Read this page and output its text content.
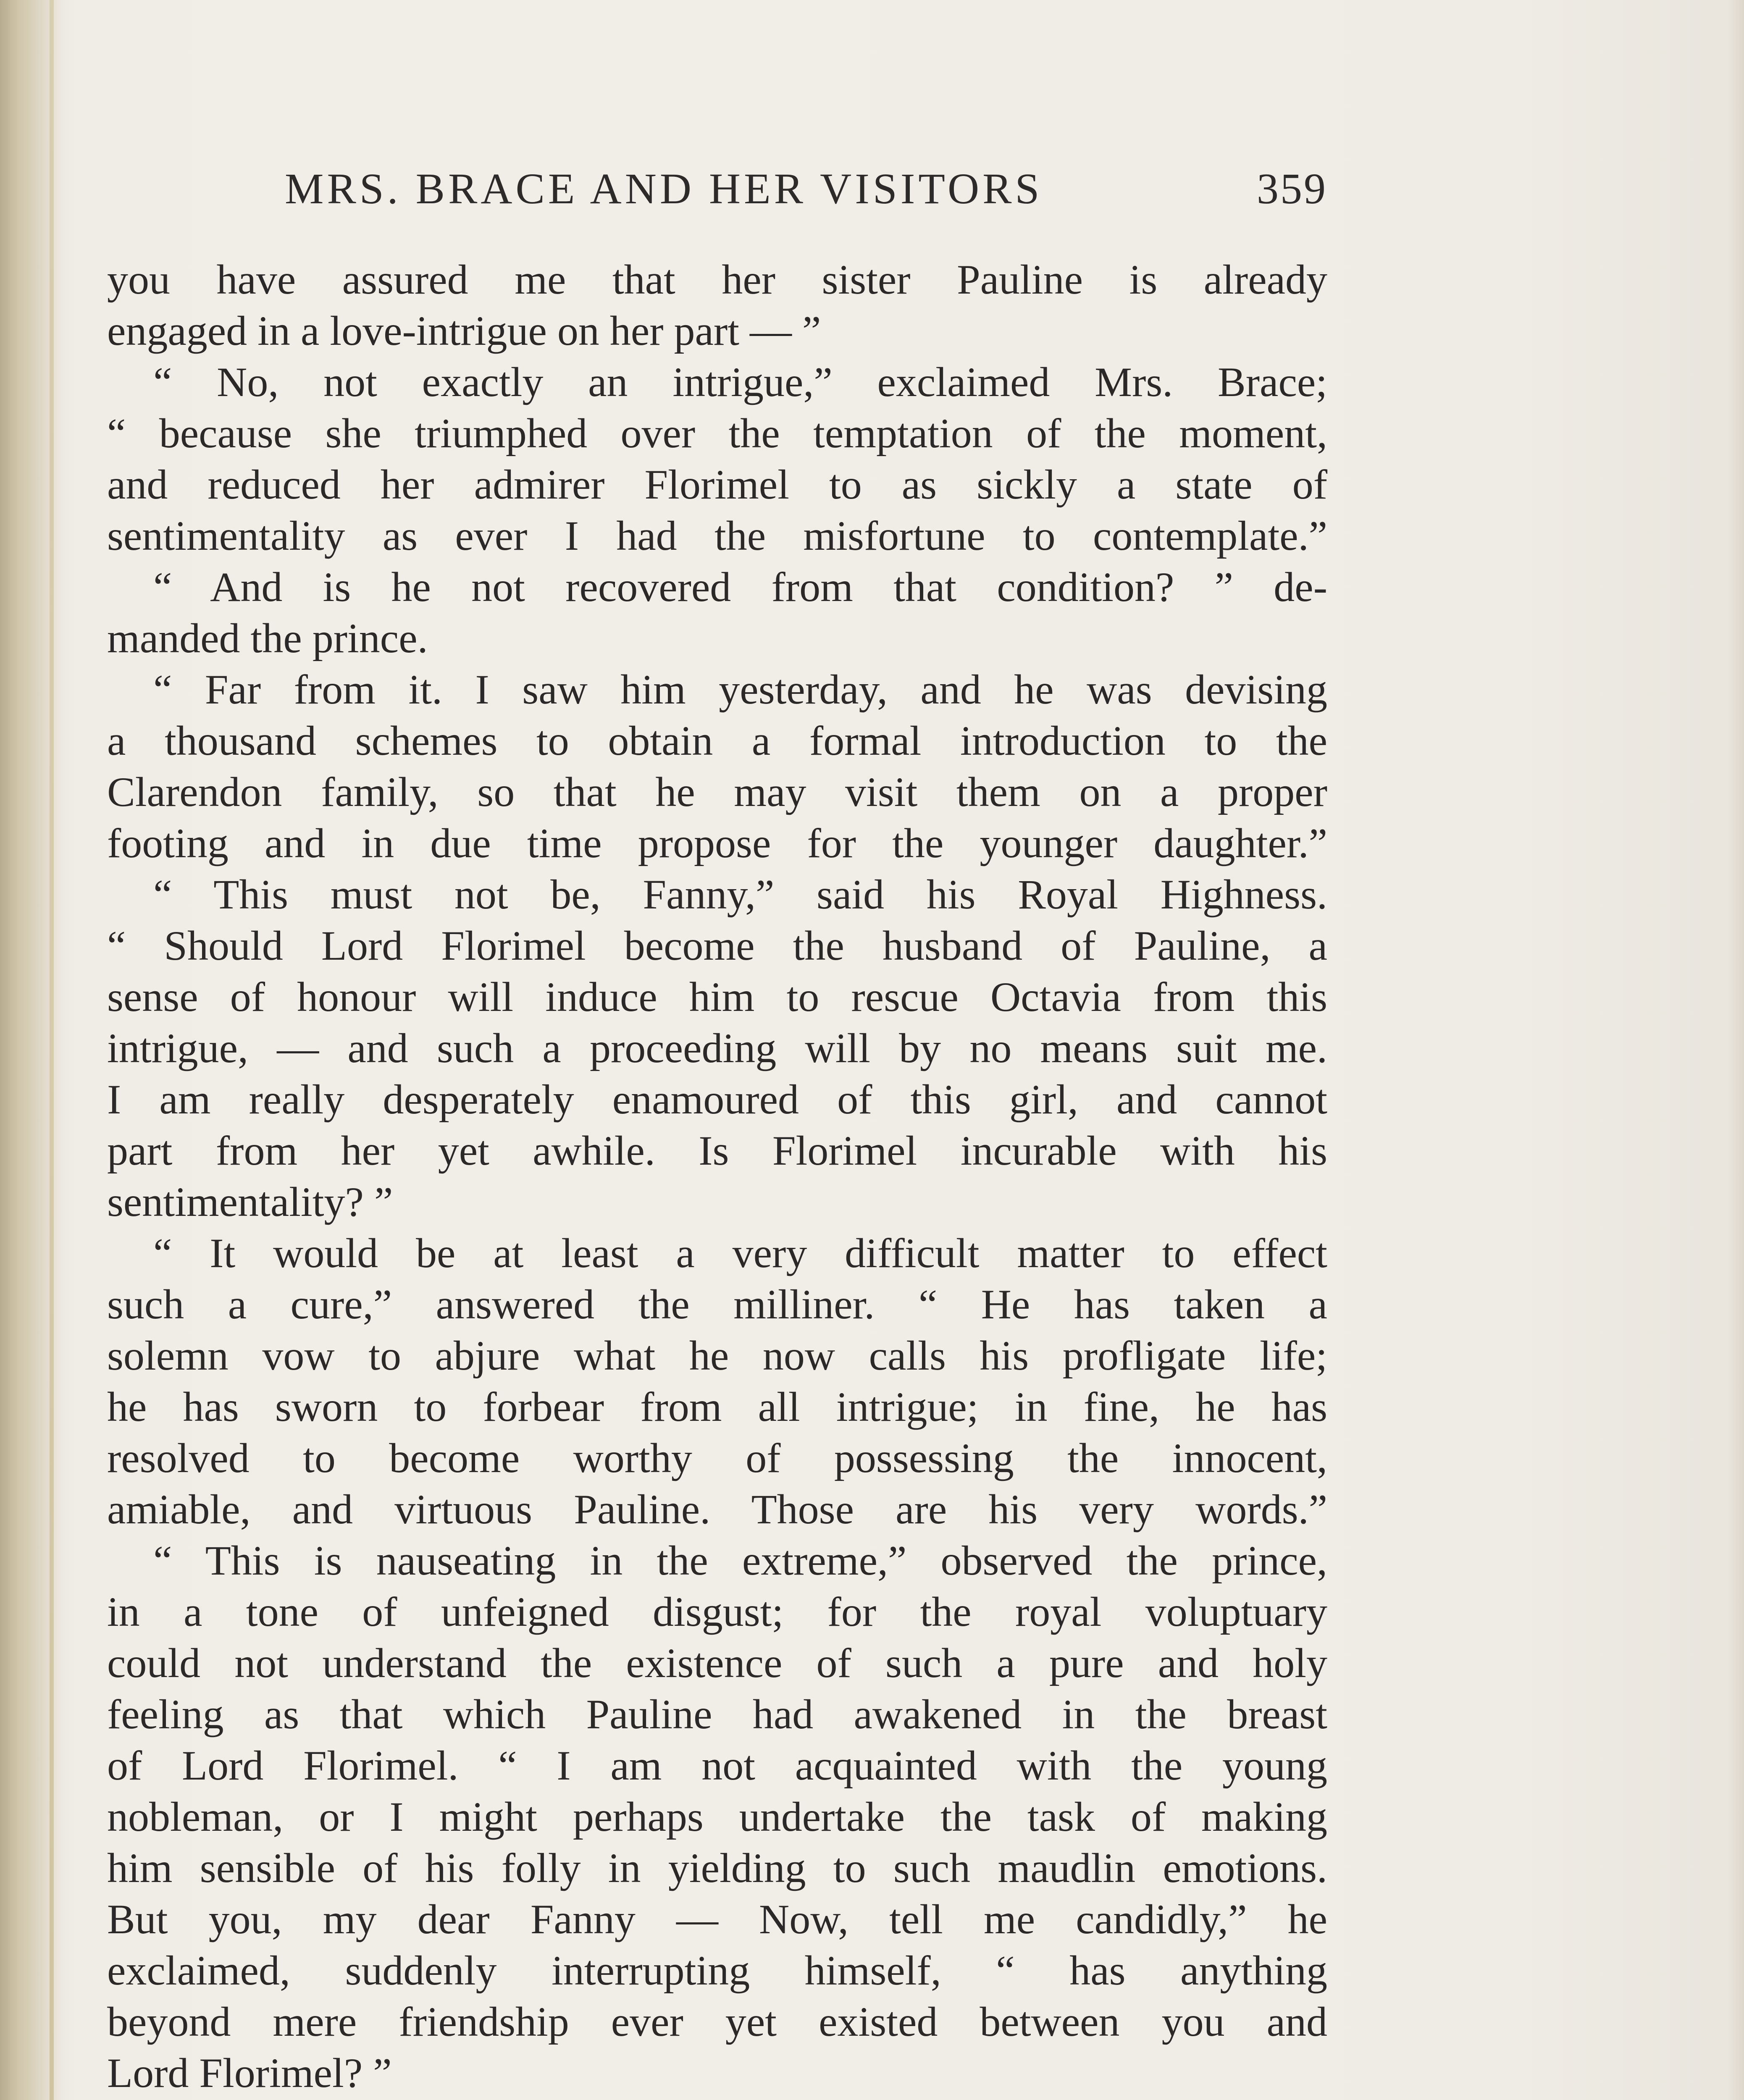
MRS. BRACE AND HER VISITORS	359
you have assured me that her sister Pauline is already
engaged in a love-intrigue on her part — ”
“ No, not exactly an intrigue,” exclaimed Mrs. Brace;
“ because she triumphed over the temptation of the moment,
and reduced her admirer Florimel to as sickly a state of
sentimentality as ever I had the misfortune to contemplate.”
“ And is he not recovered from that condition? ” de-
manded the prince.
“ Far from it. I saw him yesterday, and he was devising
a thousand schemes to obtain a formal introduction to the
Clarendon family, so that he may visit them on a proper
footing and in due time propose for the younger daughter.”
“ This must not be, Fanny,” said his Royal Highness.
“ Should Lord Florimel become the husband of Pauline, a
sense of honour will induce him to rescue Octavia from this
intrigue, — and such a proceeding will by no means suit me.
I am really desperately enamoured of this girl, and cannot
part from her yet awhile. Is Florimel incurable with his
sentimentality? ”
“ It would be at least a very difficult matter to effect
such a cure,” answered the milliner. “ He has taken a
solemn vow to abjure what he now calls his profligate life;
he has sworn to forbear from all intrigue; in fine, he has
resolved to become worthy of possessing the innocent,
amiable, and virtuous Pauline. Those are his very words.”
“ This is nauseating in the extreme,” observed the prince,
in a tone of unfeigned disgust; for the royal voluptuary
could not understand the existence of such a pure and holy
feeling as that which Pauline had awakened in the breast
of Lord Florimel. “ I am not acquainted with the young
nobleman, or I might perhaps undertake the task of making
him sensible of his folly in yielding to such maudlin emotions.
But you, my dear Fanny — Now, tell me candidly,” he
exclaimed, suddenly interrupting himself, “ has anything
beyond mere friendship ever yet existed between you and
Lord Florimel? ”
